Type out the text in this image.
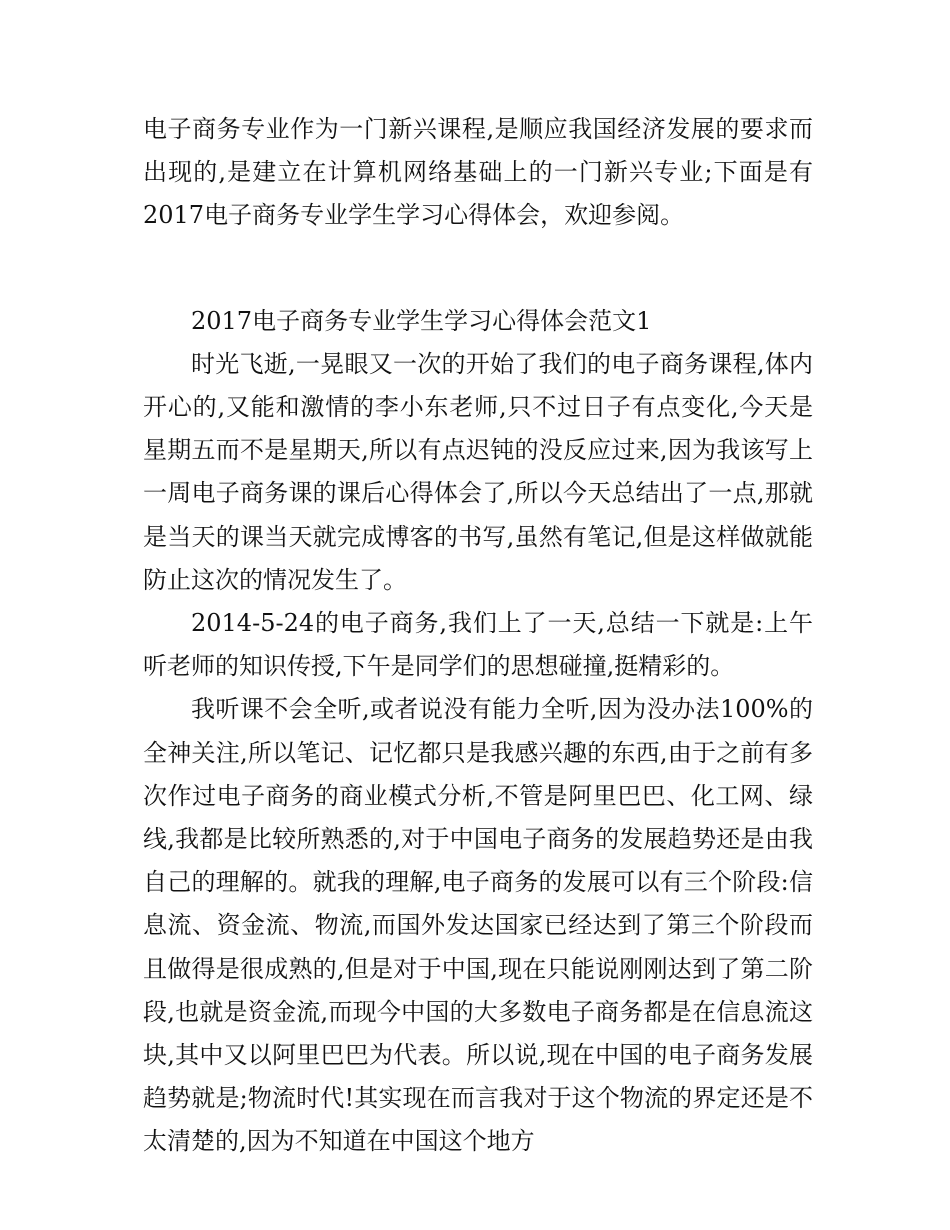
电子商务专业作为一门新兴课程,是顺应我国经济发展的要求而出现的,是建立在计算机网络基础上的一门新兴专业;下面是有2017电子商务专业学生学习心得体会，欢迎参阅。

2017电子商务专业学生学习心得体会范文1

时光飞逝,一晃眼又一次的开始了我们的电子商务课程,体内开心的,又能和激情的李小东老师,只不过日子有点变化,今天是星期五而不是星期天,所以有点迟钝的没反应过来,因为我该写上一周电子商务课的课后心得体会了,所以今天总结出了一点,那就是当天的课当天就完成博客的书写,虽然有笔记,但是这样做就能防止这次的情况发生了。

2014-5-24的电子商务,我们上了一天,总结一下就是:上午听老师的知识传授,下午是同学们的思想碰撞,挺精彩的。

我听课不会全听,或者说没有能力全听,因为没办法100%的全神关注,所以笔记、记忆都只是我感兴趣的东西,由于之前有多次作过电子商务的商业模式分析,不管是阿里巴巴、化工网、绿线,我都是比较所熟悉的,对于中国电子商务的发展趋势还是由我自己的理解的。就我的理解,电子商务的发展可以有三个阶段:信息流、资金流、物流,而国外发达国家已经达到了第三个阶段而且做得是很成熟的,但是对于中国,现在只能说刚刚达到了第二阶段,也就是资金流,而现今中国的大多数电子商务都是在信息流这块,其中又以阿里巴巴为代表。所以说,现在中国的电子商务发展趋势就是;物流时代!其实现在而言我对于这个物流的界定还是不太清楚的,因为不知道在中国这个地方
